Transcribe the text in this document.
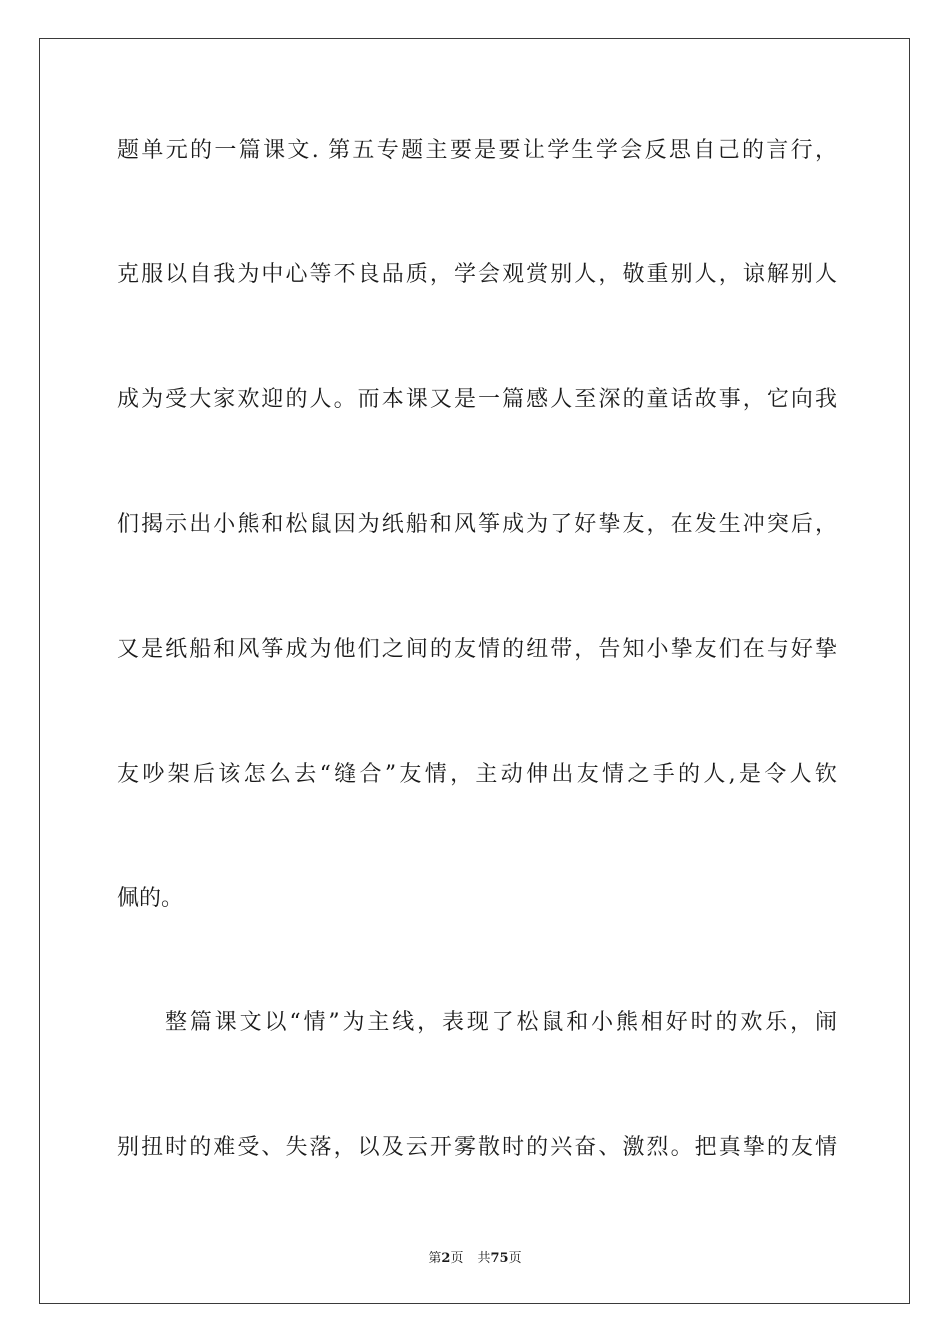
题单元的一篇课文. 第五专题主要是要让学生学会反思自己的言行，
克服以自我为中心等不良品质，学会观赏别人，敬重别人，谅解别人
成为受大家欢迎的人。而本课又是一篇感人至深的童话故事，它向我
们揭示出小熊和松鼠因为纸船和风筝成为了好挚友，在发生冲突后，
又是纸船和风筝成为他们之间的友情的纽带，告知小挚友们在与好挚
友吵架后该怎么去“缝合”友情，主动伸出友情之手的人,是令人钦
佩的。
整篇课文以“情”为主线，表现了松鼠和小熊相好时的欢乐，闹
别扭时的难受、失落，以及云开雾散时的兴奋、激烈。把真挚的友情
第2页 共75页
